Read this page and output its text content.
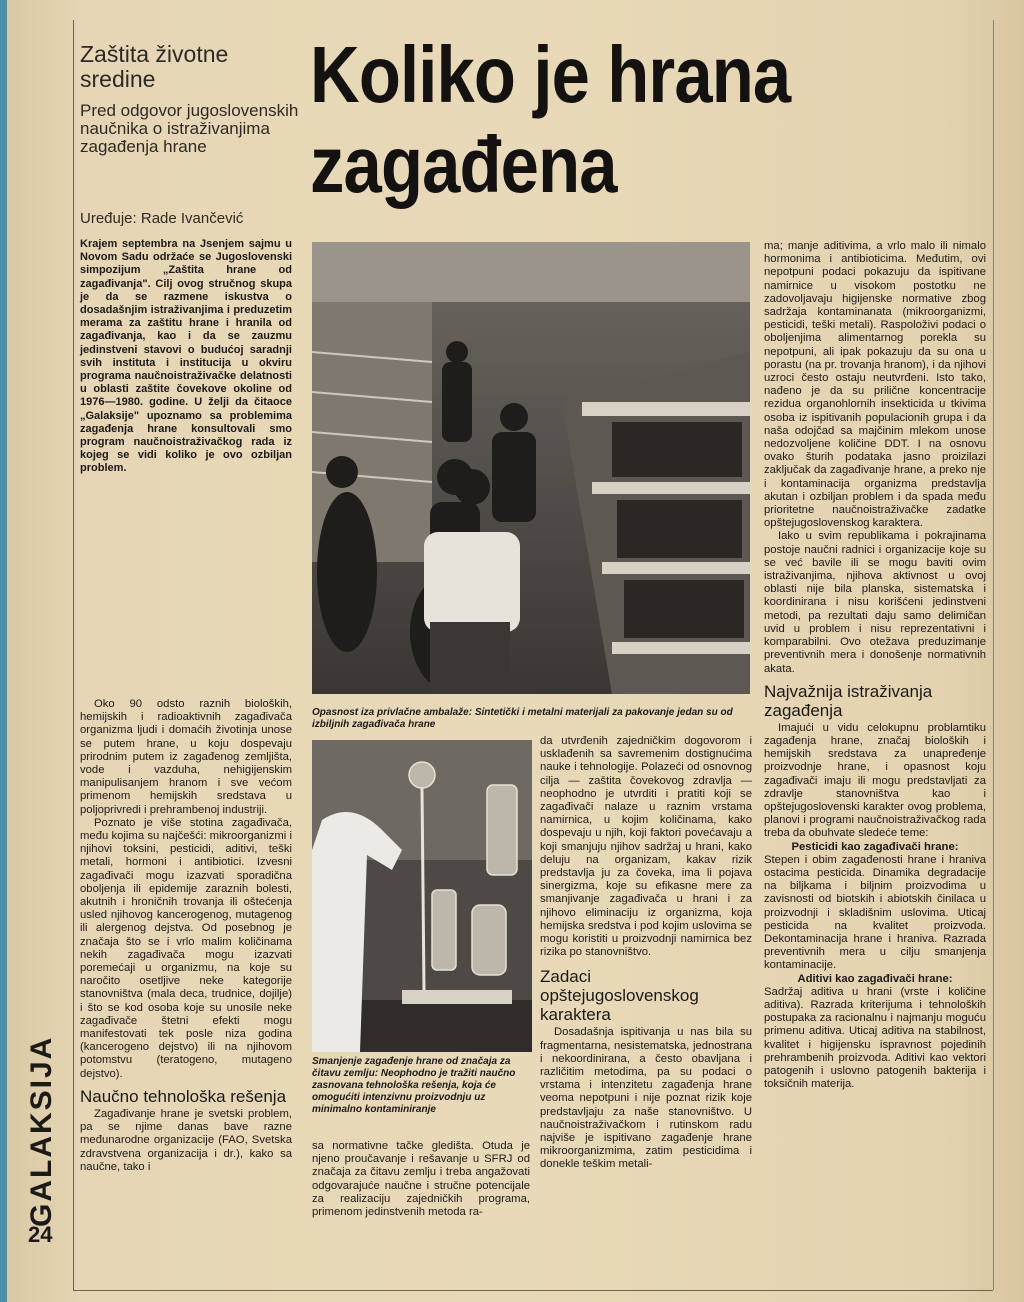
Zaštita životne sredine
Pred odgovor jugoslovenskih naučnika o istraživanjima zagađenja hrane
Uređuje: Rade Ivančević
Koliko je hrana
zagađena
Krajem septembra na Jsenjem sajmu u Novom Sadu održaće se Jugoslovenski simpozijum „Zaštita hrane od zagađivanja". Cilj ovog stručnog skupa je da se razmene iskustva o dosadašnjim istraživanjima i preduzetim merama za zaštitu hrane i hranila od zagađivanja, kao i da se zauzmu jedinstveni stavovi o budućoj saradnji svih instituta i institucija u okviru programa naučnoistraživačke delatnosti u oblasti zaštite čovekove okoline od 1976—1980. godine. U želji da čitaoce „Galaksije" upoznamo sa problemima zagađenja hrane konsultovali smo program naučnoistraživačkog rada iz kojeg se vidi koliko je ovo ozbiljan problem.
Opasnost iza privlačne ambalaže: Sintetički i metalni materijali za pakovanje jedan su od izbiljnih zagađivača hrane
Smanjenje zagađenje hrane od značaja za čitavu zemlju: Neophodno je tražiti naučno zasnovana tehnološka rešenja, koja će omogućiti intenzivnu proizvodnju uz minimalno kontaminiranje

Oko 90 odsto raznih bioloških, hemijskih i radioaktivnih zagađivača organizma ljudi i domaćih životinja unose se putem hrane, u koju dospevaju prirodnim putem iz zagađenog zemljišta, vode i vazduha, nehigijenskim manipulisanjem hranom i sve većom primenom hemijskih sredstava u poljoprivredi i prehrambenoj industriji.

Poznato je više stotina zagađivača, među kojima su najčešći: mikroorganizmi i njihovi toksini, pesticidi, aditivi, teški metali, hormoni i antibiotici. Izvesni zagađivači mogu izazvati sporadična oboljenja ili epidemije zaraznih bolesti, akutnih i hroničnih trovanja ili oštećenja usled njihovog kancerogenog, mutagenog ili alergenog dejstva. Od posebnog je značaja što se i vrlo malim količinama nekih zagađivača mogu izazvati poremećaji u organizmu, na koje su naročito osetljive neke kategorije stanovništva (mala deca, trudnice, dojilje) i što se kod osoba koje su unosile neke zagađivače štetni efekti mogu manifestovati tek posle niza godina (kancerogeno dejstvo) ili na njihovom potomstvu (teratogeno, mutageno dejstvo).

Naučno tehnološka rešenja

Zagađivanje hrane je svetski problem, pa se njime danas bave razne međunarodne organizacije (FAO, Svetska zdravstvena organizacija i dr.), kako sa naučne, tako i

da utvrđenih zajedničkim dogovorom i usklađenih sa savremenim dostignućima nauke i tehnologije. Polazeći od osnovnog cilja — zaštita čovekovog zdravlja — neophodno je utvrditi i pratiti koji se zagađivači nalaze u raznim vrstama namirnica, u kojim količinama, kako dospevaju u njih, koji faktori povećavaju a koji smanjuju njihov sadržaj u hrani, kako deluju na organizam, kakav rizik predstavlja ju za čoveka, ima li pojava sinergizma, koje su efikasne mere za smanjivanje zagađivača u hrani i za njihovo eliminaciju iz organizma, koja hemijska sredstva i pod kojim uslovima se mogu koristiti u proizvodnji namirnica bez rizika po stanovništvo.

Zadaci opštejugoslovenskog karaktera

Dosadašnja ispitivanja u nas bila su fragmentarna, nesistematska, jednostrana i nekoordinirana, a često obavljana i različitim metodima, pa su podaci o vrstama i intenzitetu zagađenja hrane veoma nepotpuni i nije poznat rizik koje predstavljaju za naše stanovništvo. U naučnoistraživačkom i rutinskom radu najviše je ispitivano zagađenje hrane mikroorganizmima, zatim pesticidima i donekle teškim metali-

sa normativne tačke gledišta. Otuda je njeno proučavanje i rešavanje u SFRJ od značaja za čitavu zemlju i treba angažovati odgovarajuće naučne i stručne potencijale za realizaciju zajedničkih programa, primenom jedinstvenih metoda ra-

ma; manje aditivima, a vrlo malo ili nimalo hormonima i antibioticima. Međutim, ovi nepotpuni podaci pokazuju da ispitivane namirnice u visokom postotku ne zadovoljavaju higijenske normative zbog sadržaja kontaminanata (mikroorganizmi, pesticidi, teški metali). Raspoloživi podaci o oboljenjima alimentarnog porekla su nepotpuni, ali ipak pokazuju da su ona u porastu (na pr. trovanja hranom), i da njihovi uzroci često ostaju neutvrđeni. Isto tako, nađeno je da su prilične koncentracije rezidua organohlornih insekticida u tkivima osoba iz ispitivanih populacionih grupa i da naša odojčad sa majčinim mlekom unose nedozvoljene količine DDT. I na osnovu ovako šturih podataka jasno proizilazi zaključak da zagađivanje hrane, a preko nje i kontaminacija organizma predstavlja akutan i ozbiljan problem i da spada među prioritetne naučnoistraživačke zadatke opštejugoslovenskog karaktera.

Iako u svim republikama i pokrajinama postoje naučni radnici i organizacije koje su se već bavile ili se mogu baviti ovim istraživanjima, njihova aktivnost u ovoj oblasti nije bila planska, sistematska i koordinirana i nisu korišćeni jedinstveni metodi, pa rezultati daju samo delimičan uvid u problem i nisu reprezentativni i komparabilni. Ovo otežava preduzimanje preventivnih mera i donošenje normativnih akata.

Najvažnija istraživanja zagađenja

Imajući u vidu celokupnu problamtiku zagađenja hrane, značaj bioloških i hemijskih sredstava za unapređenje proizvodnje hrane, i opasnost koju zagađivači imaju ili mogu predstavljati za zdravlje stanovništva kao i opštejugoslovenski karakter ovog problema, planovi i programi naučnoistraživačkog rada treba da obuhvate sledeće teme:

Pesticidi kao zagađivači hrane:

Stepen i obim zagađenosti hrane i hraniva ostacima pesticida. Dinamika degradacije na biljkama i biljnim proizvodima u zavisnosti od biotskih i abiotskih činilaca u proizvodnji i skladišnim uslovima. Uticaj pesticida na kvalitet proizvoda. Dekontaminacija hrane i hraniva. Razrada preventivnih mera u cilju smanjenja kontaminacije.

Aditivi kao zagađivači hrane:

Sadržaj aditiva u hrani (vrste i količine aditiva). Razrada kriterijuma i tehnoloških postupaka za racionalnu i najmanju moguću primenu aditiva. Uticaj aditiva na stabilnost, kvalitet i higijensku ispravnost pojedinih prehrambenih proizvoda. Aditivi kao vektori patogenih i uslovno patogenih bakterija i toksičnih materija.

GALAKSIJA
24
